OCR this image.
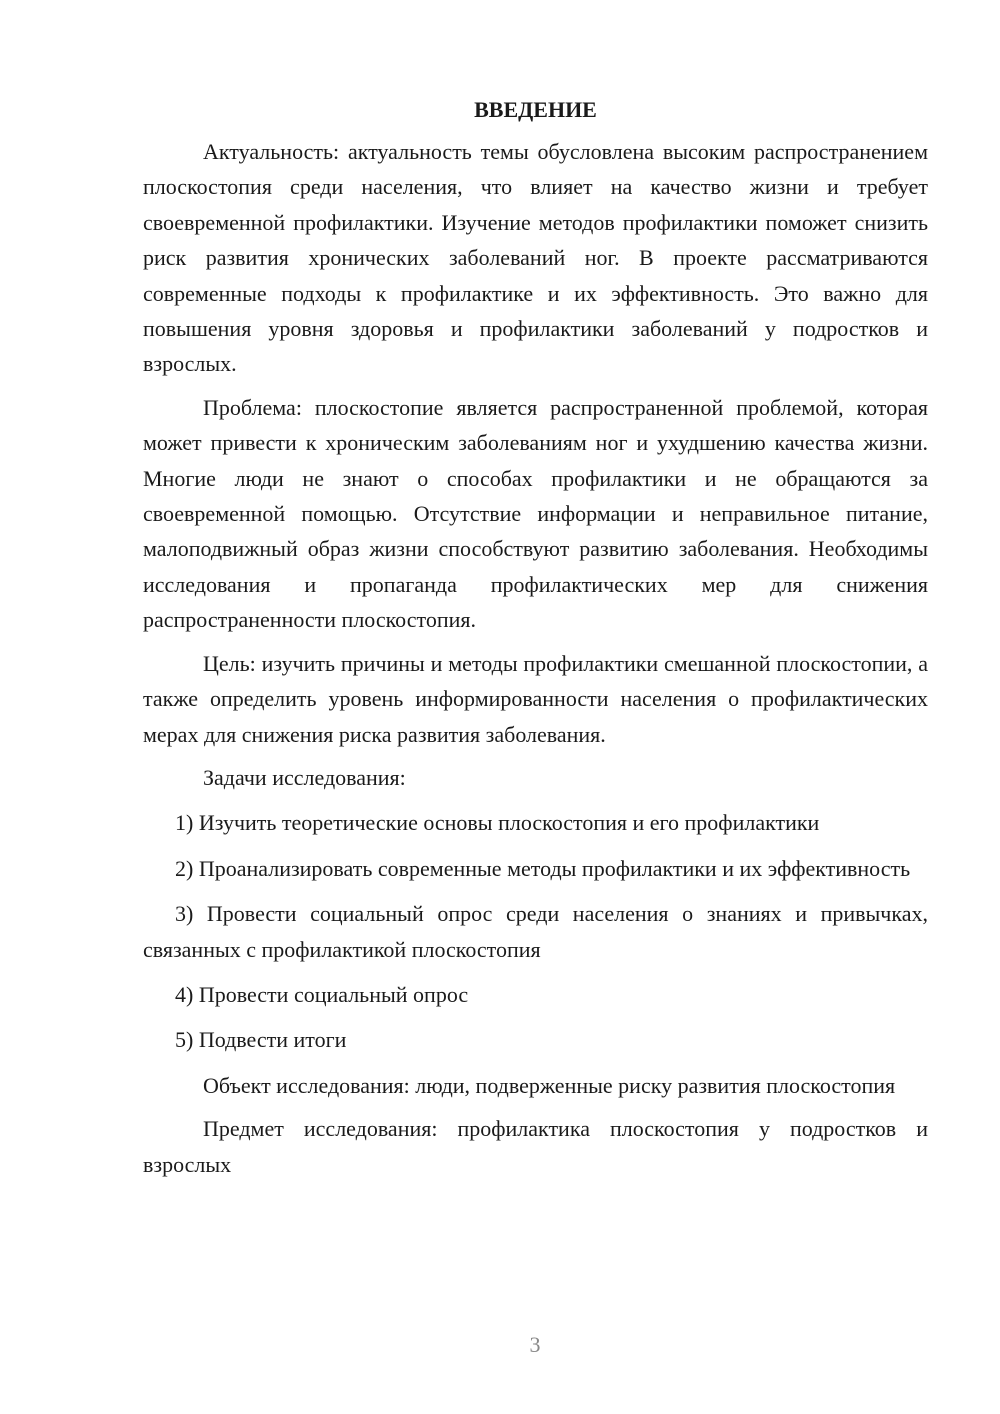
ВВЕДЕНИЕ

Актуальность: актуальность темы обусловлена высоким распространением плоскостопия среди населения, что влияет на качество жизни и требует своевременной профилактики. Изучение методов профилактики поможет снизить риск развития хронических заболеваний ног. В проекте рассматриваются современные подходы к профилактике и их эффективность. Это важно для повышения уровня здоровья и профилактики заболеваний у подростков и взрослых.

Проблема: плоскостопие является распространенной проблемой, которая может привести к хроническим заболеваниям ног и ухудшению качества жизни. Многие люди не знают о способах профилактики и не обращаются за своевременной помощью. Отсутствие информации и неправильное питание, малоподвижный образ жизни способствуют развитию заболевания. Необходимы исследования и пропаганда профилактических мер для снижения распространенности плоскостопия.

Цель: изучить причины и методы профилактики смешанной плоскостопии, а также определить уровень информированности населения о профилактических мерах для снижения риска развития заболевания.

Задачи исследования:

1) Изучить теоретические основы плоскостопия и его профилактики

2) Проанализировать современные методы профилактики и их эффективность

3) Провести социальный опрос среди населения о знаниях и привычках, связанных с профилактикой плоскостопия

4) Провести социальный опрос

5) Подвести итоги

Объект исследования: люди, подверженные риску развития плоскостопия

Предмет исследования: профилактика плоскостопия у подростков и взрослых

3
